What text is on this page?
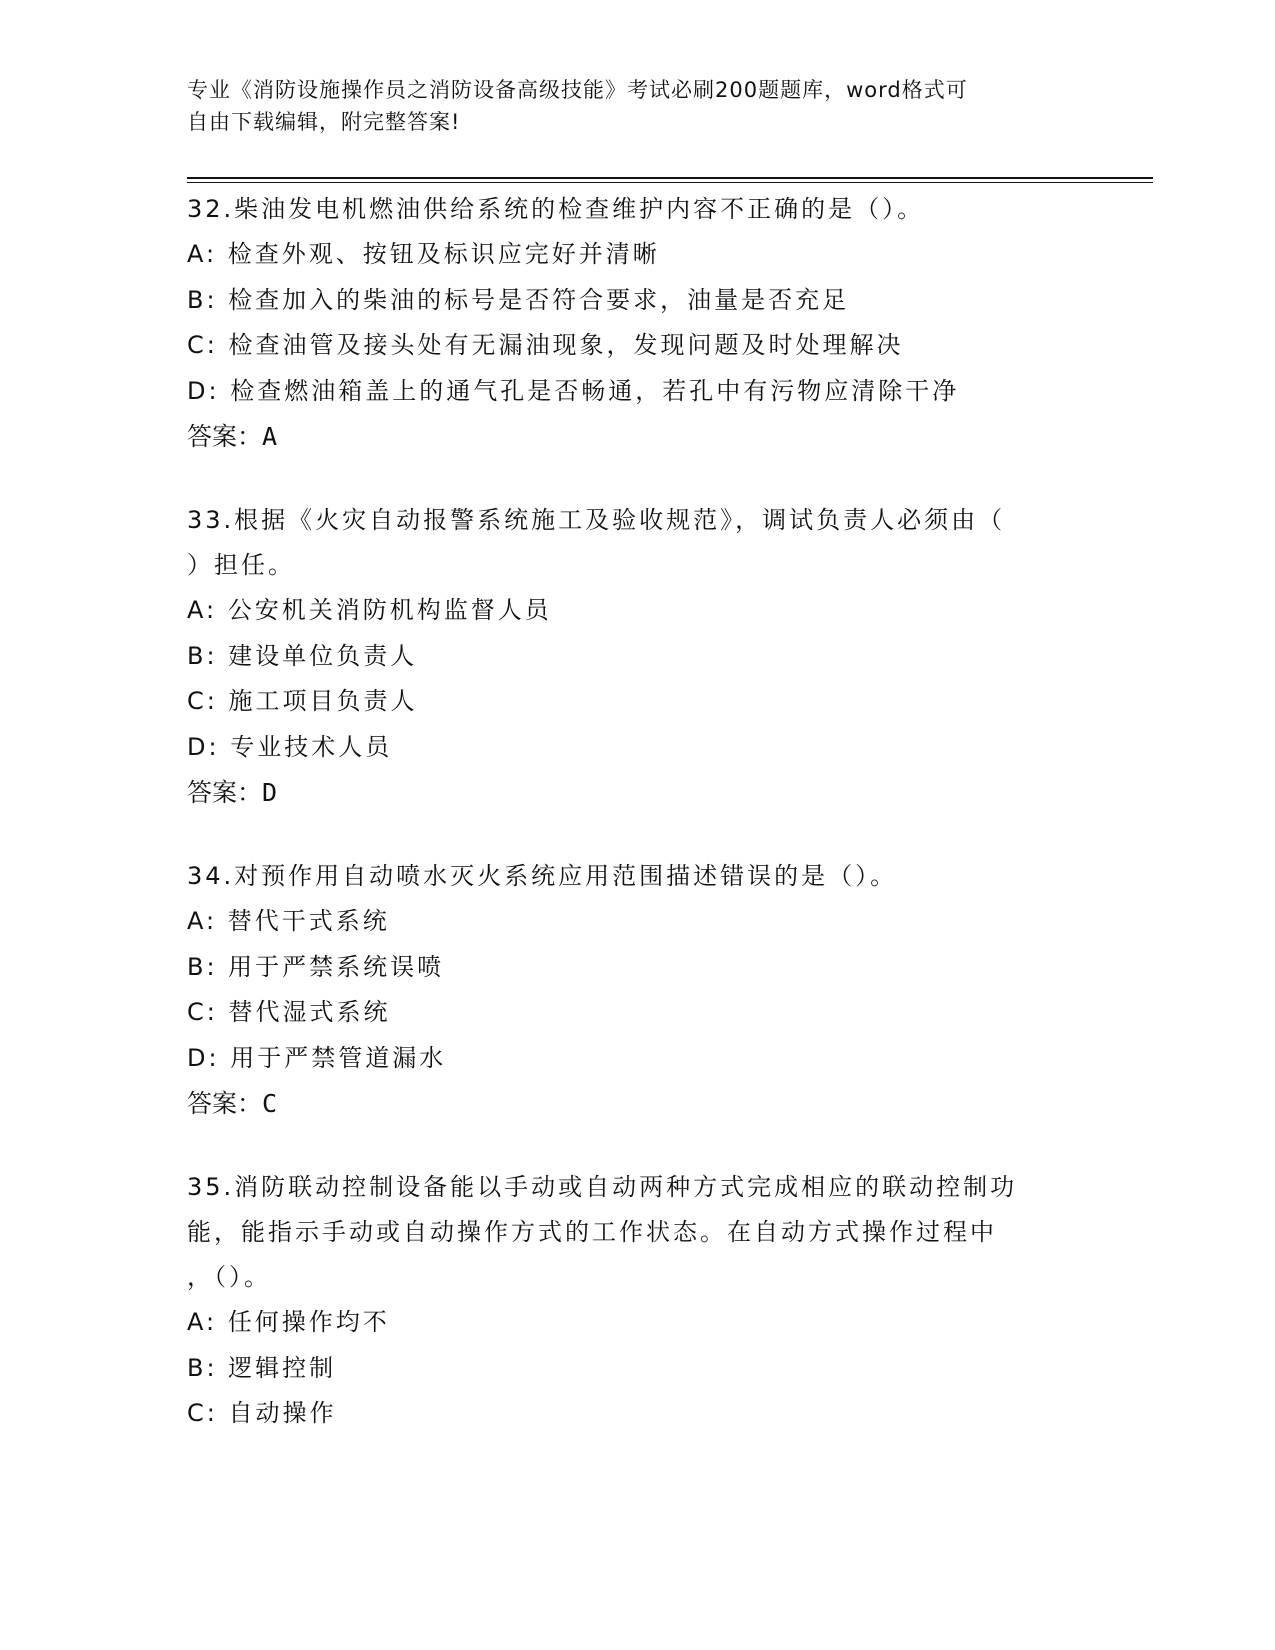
专业《消防设施操作员之消防设备高级技能》考试必刷200题题库，word格式可
自由下载编辑，附完整答案!

32.柴油发电机燃油供给系统的检查维护内容不正确的是（）。

A: 检查外观、按钮及标识应完好并清晰

B: 检查加入的柴油的标号是否符合要求，油量是否充足

C: 检查油管及接头处有无漏油现象，发现问题及时处理解决

D: 检查燃油箱盖上的通气孔是否畅通，若孔中有污物应清除干净

答案：A

33.根据《火灾自动报警系统施工及验收规范》，调试负责人必须由（

）担任。

A: 公安机关消防机构监督人员

B: 建设单位负责人

C: 施工项目负责人

D: 专业技术人员

答案：D

34.对预作用自动喷水灭火系统应用范围描述错误的是（）。

A: 替代干式系统

B: 用于严禁系统误喷

C: 替代湿式系统

D: 用于严禁管道漏水

答案：C

35.消防联动控制设备能以手动或自动两种方式完成相应的联动控制功

能，能指示手动或自动操作方式的工作状态。在自动方式操作过程中

，（）。

A: 任何操作均不

B: 逻辑控制

C: 自动操作
